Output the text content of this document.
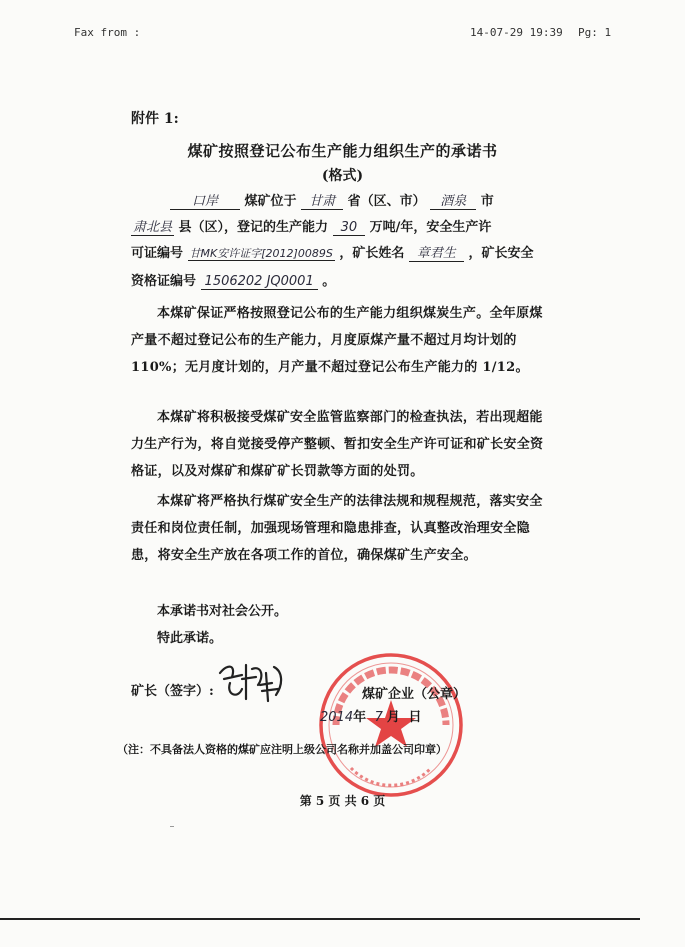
Fax from :	14-07-29 19:39 Pg: 1
附件 1:
煤矿按照登记公布生产能力组织生产的承诺书
(格式)
口岸 煤矿位于 甘肃 省（区、市） 酒泉 市
肃北县 县（区），登记的生产能力 30 万吨/年，安全生产许
可证编号 甘MK安许证字[2012]0089S ，矿长姓名 章君生 ，矿长安全
资格证编号 1506202 JQ0001 。
本煤矿保证严格按照登记公布的生产能力组织煤炭生产。全年原煤产量不超过登记公布的生产能力，月度原煤产量不超过月均计划的 110%；无月度计划的，月产量不超过登记公布生产能力的 1/12。
本煤矿将积极接受煤矿安全监管监察部门的检查执法，若出现超能力生产行为，将自觉接受停产整顿、暂扣安全生产许可证和矿长安全资格证，以及对煤矿和煤矿矿长罚款等方面的处罚。
本煤矿将严格执行煤矿安全生产的法律法规和规程规范，落实安全责任和岗位责任制，加强现场管理和隐患排查，认真整改治理安全隐患，将安全生产放在各项工作的首位，确保煤矿生产安全。
本承诺书对社会公开。
特此承诺。
矿长（签字）:	煤矿企业（公章）
2014年 7 月 日
（注：不具备法人资格的煤矿应注明上级公司名称并加盖公司印章）
第 5 页 共 6 页
